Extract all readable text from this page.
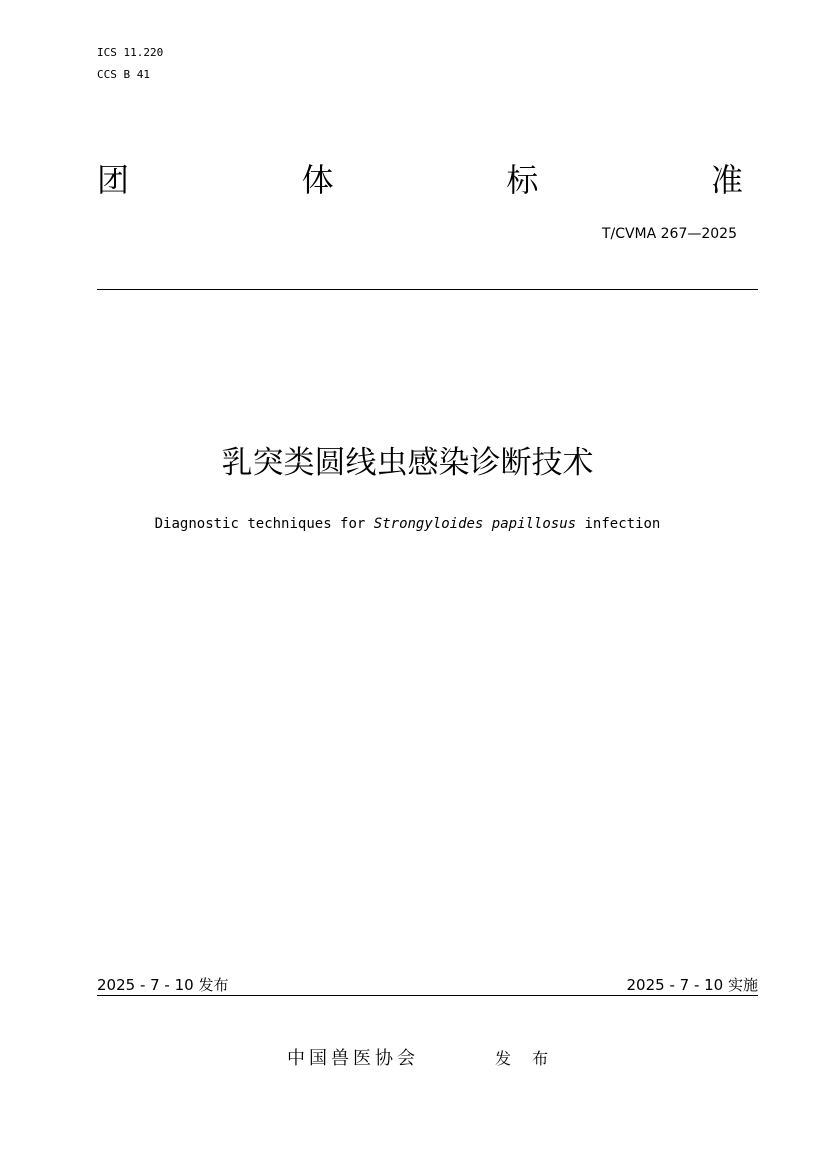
ICS 11.220
CCS B 41
团	体	标	准
T/CVMA 267—2025
乳突类圆线虫感染诊断技术
Diagnostic techniques for Strongyloides papillosus infection
2025 - 7 - 10 发布	2025 - 7 - 10 实施
中国兽医协会	发 布
